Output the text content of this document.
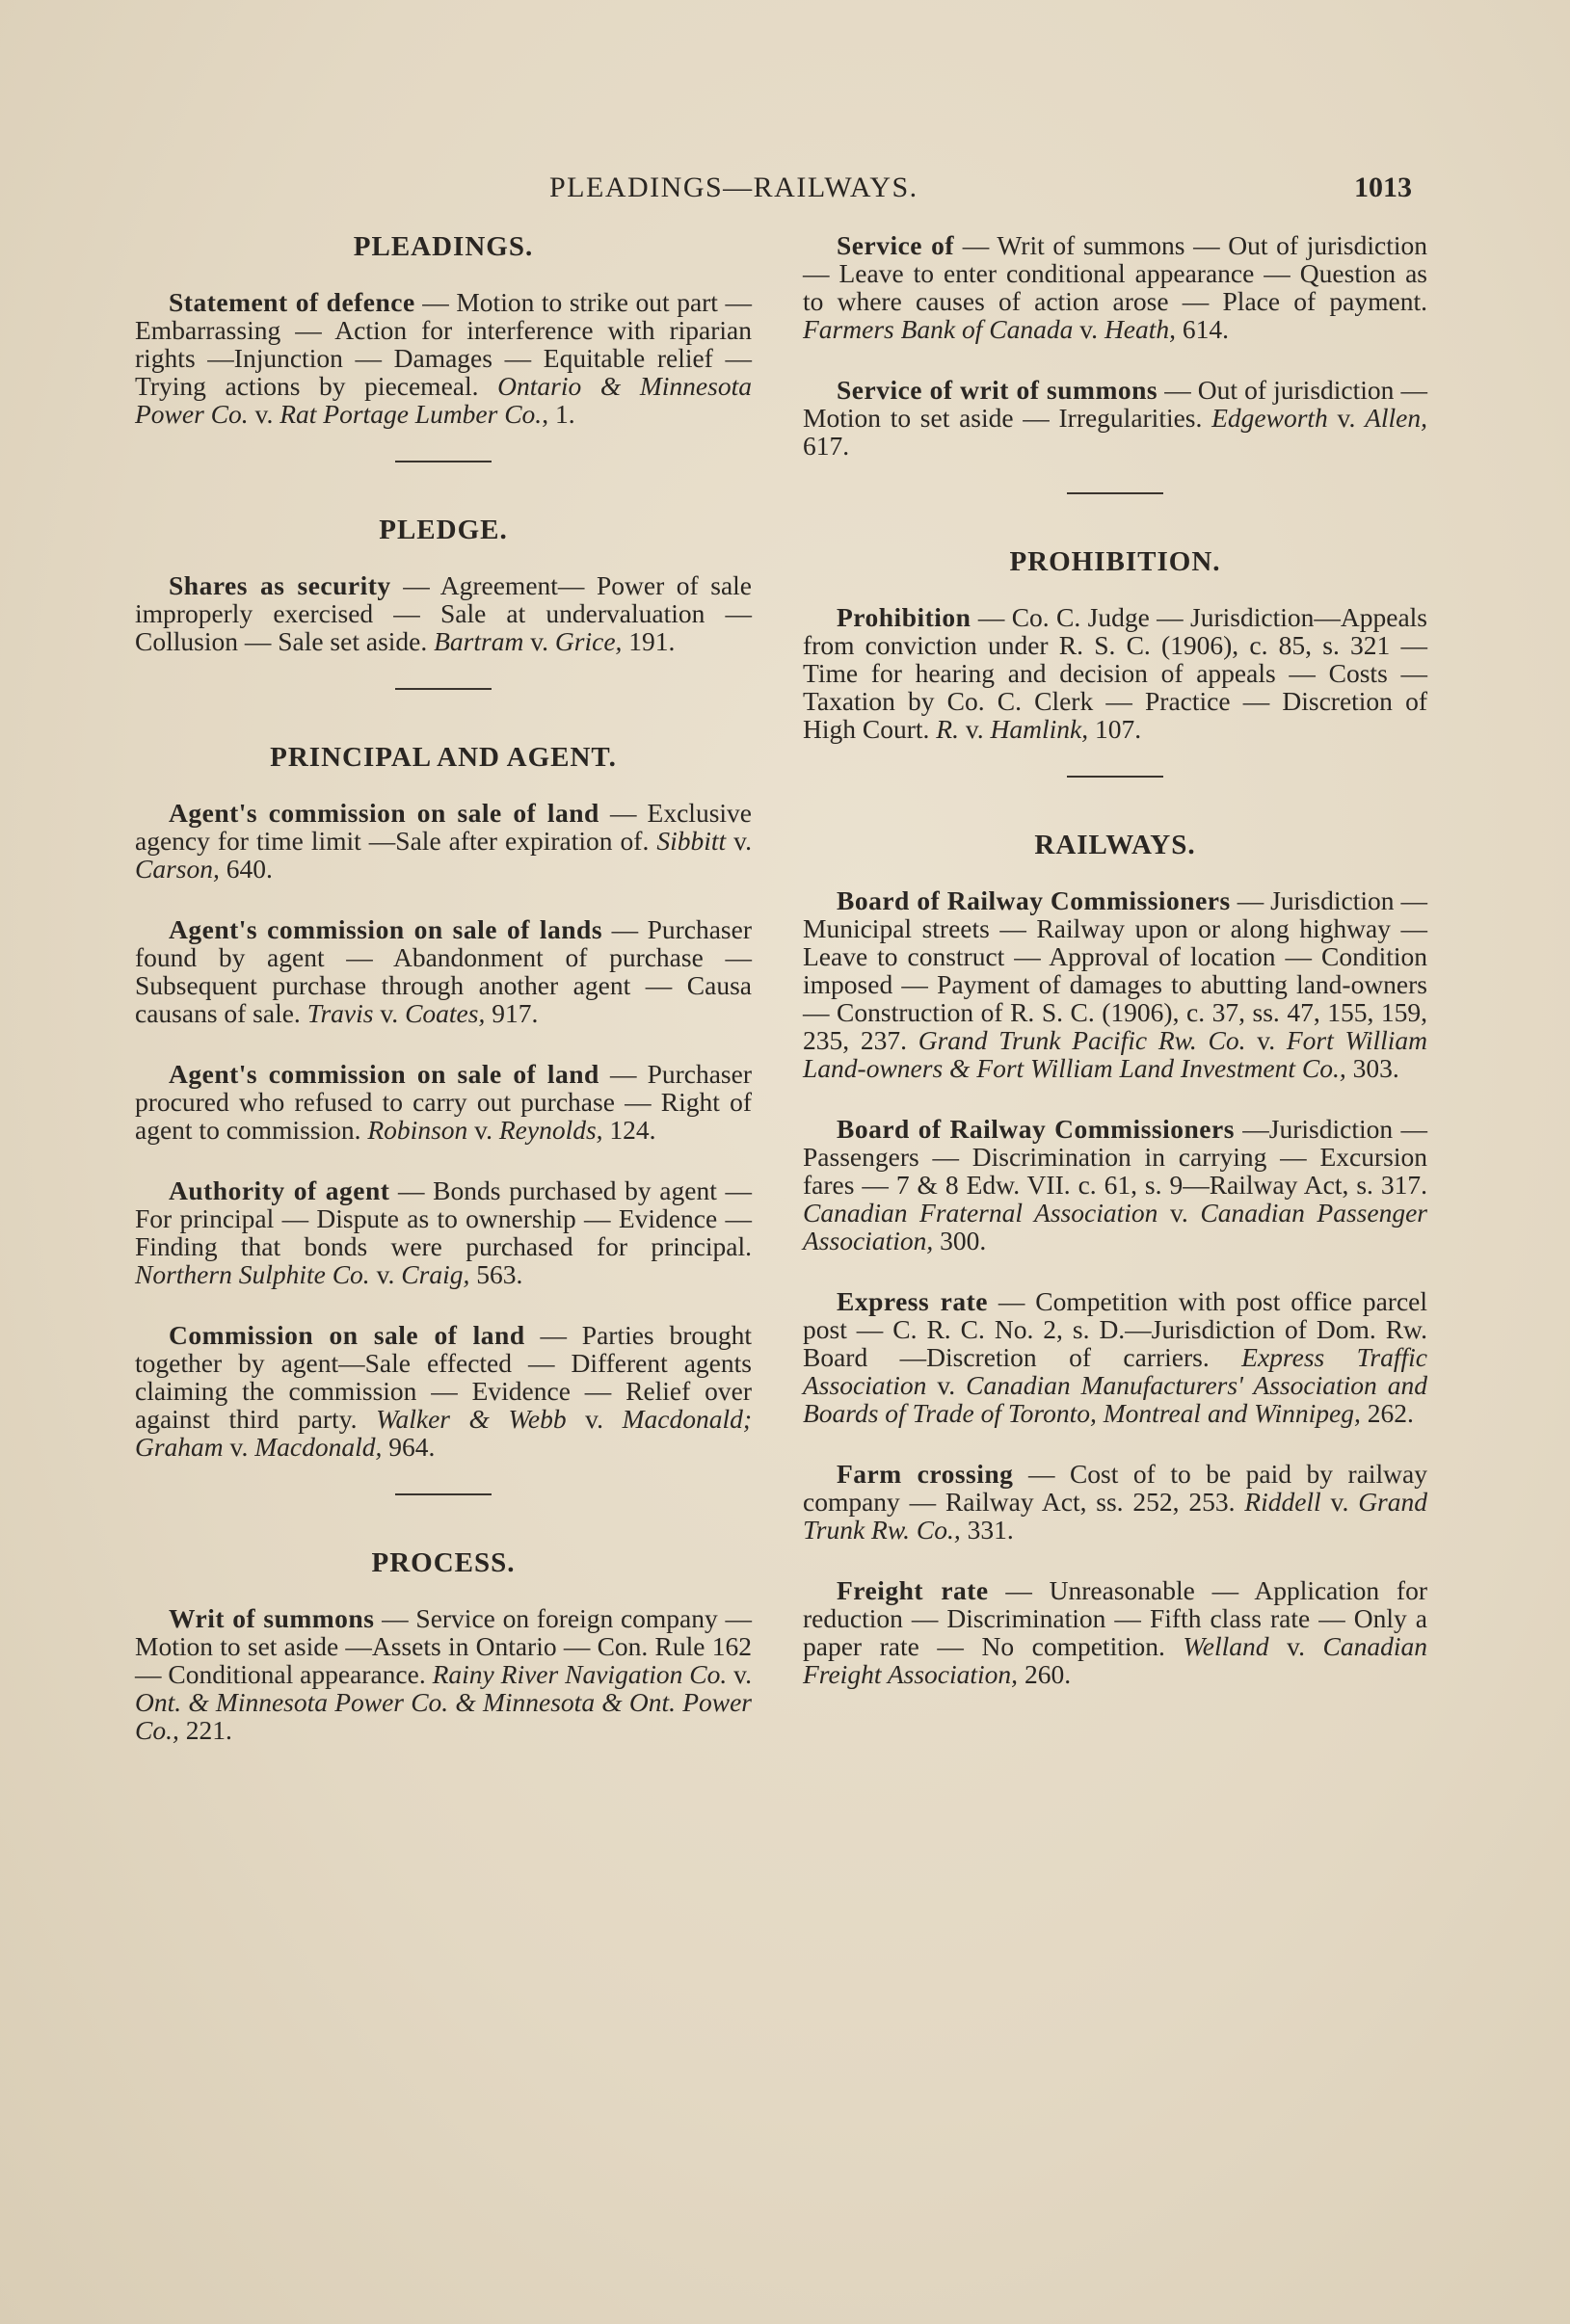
PLEADINGS—RAILWAYS.	1013
PLEADINGS.

Statement of defence — Motion to strike out part — Embarrassing — Action for interference with riparian rights —Injunction — Damages — Equitable relief — Trying actions by piecemeal. Ontario & Minnesota Power Co. v. Rat Portage Lumber Co., 1.

PLEDGE.

Shares as security — Agreement— Power of sale improperly exercised — Sale at undervaluation — Collusion — Sale set aside. Bartram v. Grice, 191.

PRINCIPAL AND AGENT.

Agent's commission on sale of land — Exclusive agency for time limit —Sale after expiration of. Sibbitt v. Carson, 640.

Agent's commission on sale of lands — Purchaser found by agent — Abandonment of purchase — Subsequent purchase through another agent — Causa causans of sale. Travis v. Coates, 917.

Agent's commission on sale of land — Purchaser procured who refused to carry out purchase — Right of agent to commission. Robinson v. Reynolds, 124.

Authority of agent — Bonds purchased by agent — For principal — Dispute as to ownership — Evidence — Finding that bonds were purchased for principal. Northern Sulphite Co. v. Craig, 563.

Commission on sale of land — Parties brought together by agent—Sale effected — Different agents claiming the commission — Evidence — Relief over against third party. Walker & Webb v. Macdonald; Graham v. Macdonald, 964.

PROCESS.

Writ of summons — Service on foreign company — Motion to set aside —Assets in Ontario — Con. Rule 162— Conditional appearance. Rainy River Navigation Co. v. Ont. & Minnesota Power Co. & Minnesota & Ont. Power Co., 221.

Service of — Writ of summons — Out of jurisdiction — Leave to enter conditional appearance — Question as to where causes of action arose — Place of payment. Farmers Bank of Canada v. Heath, 614.

Service of writ of summons — Out of jurisdiction — Motion to set aside — Irregularities. Edgeworth v. Allen, 617.

PROHIBITION.

Prohibition — Co. C. Judge — Jurisdiction—Appeals from conviction under R. S. C. (1906), c. 85, s. 321 — Time for hearing and decision of appeals — Costs — Taxation by Co. C. Clerk — Practice — Discretion of High Court. R. v. Hamlink, 107.

RAILWAYS.

Board of Railway Commissioners — Jurisdiction — Municipal streets — Railway upon or along highway — Leave to construct — Approval of location — Condition imposed — Payment of damages to abutting land-owners — Construction of R. S. C. (1906), c. 37, ss. 47, 155, 159, 235, 237. Grand Trunk Pacific Rw. Co. v. Fort William Land-owners & Fort William Land Investment Co., 303.

Board of Railway Commissioners —Jurisdiction — Passengers — Discrimination in carrying — Excursion fares — 7 & 8 Edw. VII. c. 61, s. 9—Railway Act, s. 317. Canadian Fraternal Association v. Canadian Passenger Association, 300.

Express rate — Competition with post office parcel post — C. R. C. No. 2, s. D.—Jurisdiction of Dom. Rw. Board —Discretion of carriers. Express Traffic Association v. Canadian Manufacturers' Association and Boards of Trade of Toronto, Montreal and Winnipeg, 262.

Farm crossing — Cost of to be paid by railway company — Railway Act, ss. 252, 253. Riddell v. Grand Trunk Rw. Co., 331.

Freight rate — Unreasonable — Application for reduction — Discrimination — Fifth class rate — Only a paper rate — No competition. Welland v. Canadian Freight Association, 260.
